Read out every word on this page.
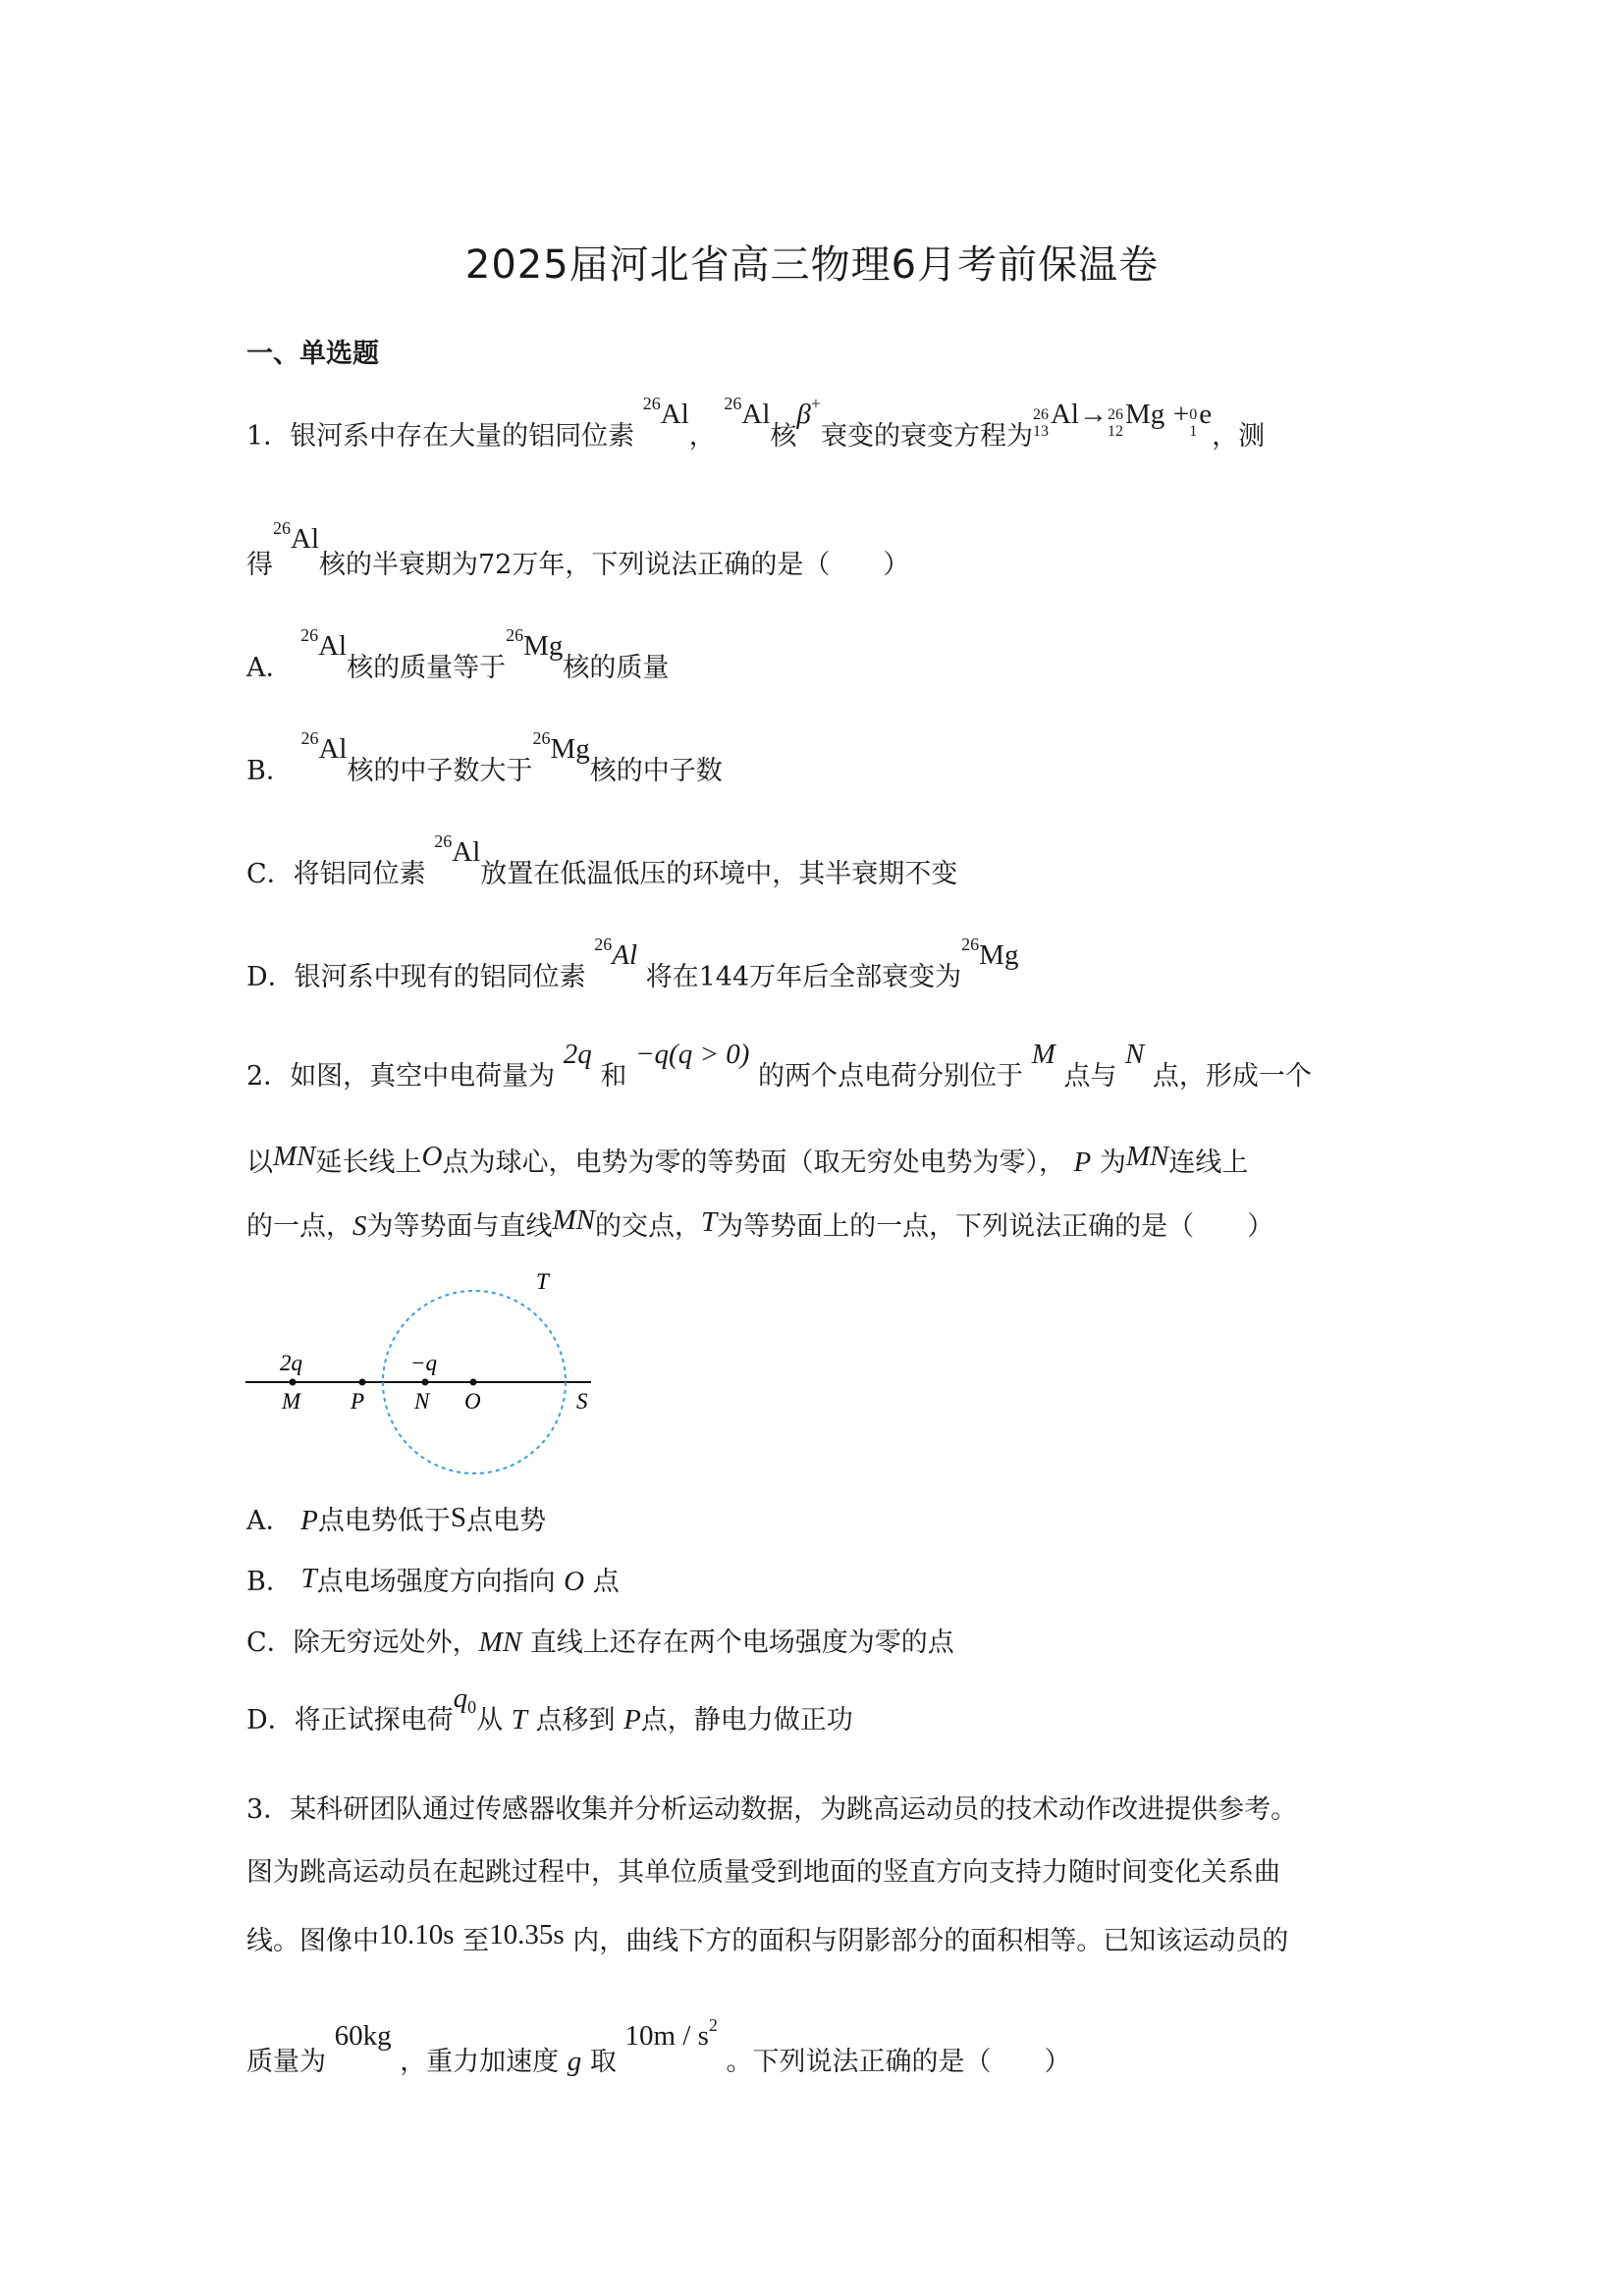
2025届河北省高三物理6月考前保温卷
一、单选题
1．银河系中存在大量的铝同位素 $^{26}$Al， $^{26}$Al核β+衰变的衰变方程为
26
13
Al→ 26
12
Mg + 0
1
e，测
得$^{26}$Al核的半衰期为72万年，下列说法正确的是（　　）
A． $^{26}$Al核的质量等于$^{26}$Mg核的质量
B． $^{26}$Al核的中子数大于$^{26}$Mg核的中子数
C．将铝同位素 $^{26}$Al放置在低温低压的环境中，其半衰期不变
D．银河系中现有的铝同位素 $^{26}$Al 将在144万年后全部衰变为$^{26}$Mg
2．如图，真空中电荷量为 2q 和 −q(q > 0) 的两个点电荷分别位于 M 点与 N 点，形成一个
以MN延长线上O点为球心，电势为零的等势面（取无穷处电势为零）， P 为MN连线上
的一点，S为等势面与直线MN的交点，T为等势面上的一点，下列说法正确的是（　　）
2q	−q
M P N O	S
T
A． P点电势低于S点电势
B． T点电场强度方向指向 O 点
C．除无穷远处外，MN 直线上还存在两个电场强度为零的点
D．将正试探电荷$q_0$从 T 点移到 P点，静电力做正功
3．某科研团队通过传感器收集并分析运动数据，为跳高运动员的技术动作改进提供参考。
图为跳高运动员在起跳过程中，其单位质量受到地面的竖直方向支持力随时间变化关系曲
线。图像中10.10s 至10.35s 内，曲线下方的面积与阴影部分的面积相等。已知该运动员的
质量为 60kg ，重力加速度 g 取 $10m / s^2$ 。下列说法正确的是（　　）
